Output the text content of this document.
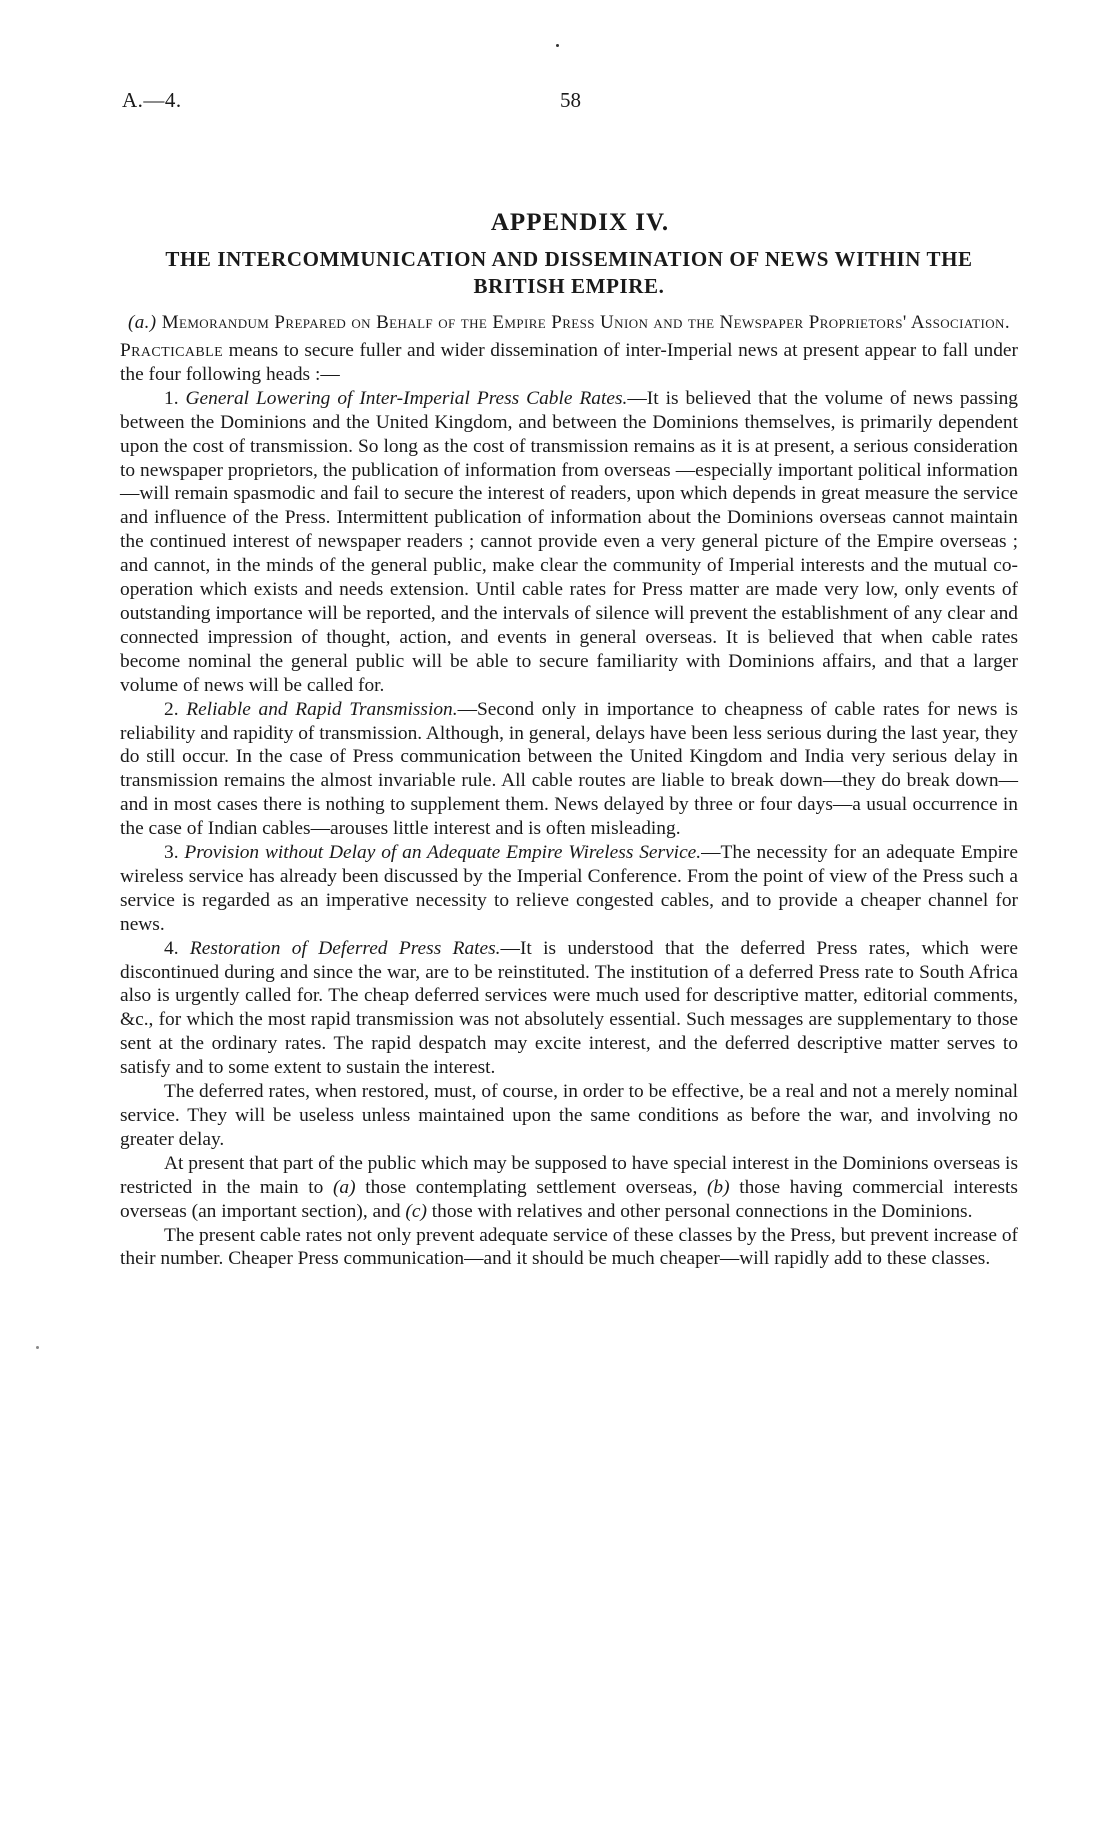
A.—4.	58
APPENDIX IV.
THE INTERCOMMUNICATION AND DISSEMINATION OF NEWS WITHIN THE BRITISH EMPIRE.
(a.) Memorandum Prepared on Behalf of the Empire Press Union and the Newspaper Proprietors' Association.

Practicable means to secure fuller and wider dissemination of inter-Imperial news at present appear to fall under the four following heads :—

1. General Lowering of Inter-Imperial Press Cable Rates.—It is believed that the volume of news passing between the Dominions and the United Kingdom, and between the Dominions themselves, is primarily dependent upon the cost of transmission. So long as the cost of transmission remains as it is at present, a serious consideration to newspaper proprietors, the publication of information from overseas —especially important political information—will remain spasmodic and fail to secure the interest of readers, upon which depends in great measure the service and influence of the Press. Intermittent publication of information about the Dominions overseas cannot maintain the continued interest of newspaper readers ; cannot provide even a very general picture of the Empire overseas ; and cannot, in the minds of the general public, make clear the community of Imperial interests and the mutual co-operation which exists and needs extension. Until cable rates for Press matter are made very low, only events of outstanding importance will be reported, and the intervals of silence will prevent the establishment of any clear and connected impression of thought, action, and events in general overseas. It is believed that when cable rates become nominal the general public will be able to secure familiarity with Dominions affairs, and that a larger volume of news will be called for.

2. Reliable and Rapid Transmission.—Second only in importance to cheapness of cable rates for news is reliability and rapidity of transmission. Although, in general, delays have been less serious during the last year, they do still occur. In the case of Press communication between the United Kingdom and India very serious delay in transmission remains the almost invariable rule. All cable routes are liable to break down—they do break down—and in most cases there is nothing to supplement them. News delayed by three or four days—a usual occurrence in the case of Indian cables—arouses little interest and is often misleading.

3. Provision without Delay of an Adequate Empire Wireless Service.—The necessity for an adequate Empire wireless service has already been discussed by the Imperial Conference. From the point of view of the Press such a service is regarded as an imperative necessity to relieve congested cables, and to provide a cheaper channel for news.

4. Restoration of Deferred Press Rates.—It is understood that the deferred Press rates, which were discontinued during and since the war, are to be reinstituted. The institution of a deferred Press rate to South Africa also is urgently called for. The cheap deferred services were much used for descriptive matter, editorial comments, &c., for which the most rapid transmission was not absolutely essential. Such messages are supplementary to those sent at the ordinary rates. The rapid despatch may excite interest, and the deferred descriptive matter serves to satisfy and to some extent to sustain the interest.

The deferred rates, when restored, must, of course, in order to be effective, be a real and not a merely nominal service. They will be useless unless maintained upon the same conditions as before the war, and involving no greater delay.

At present that part of the public which may be supposed to have special interest in the Dominions overseas is restricted in the main to (a) those contemplating settlement overseas, (b) those having commercial interests overseas (an important section), and (c) those with relatives and other personal connections in the Dominions.

The present cable rates not only prevent adequate service of these classes by the Press, but prevent increase of their number. Cheaper Press communication—and it should be much cheaper—will rapidly add to these classes.
